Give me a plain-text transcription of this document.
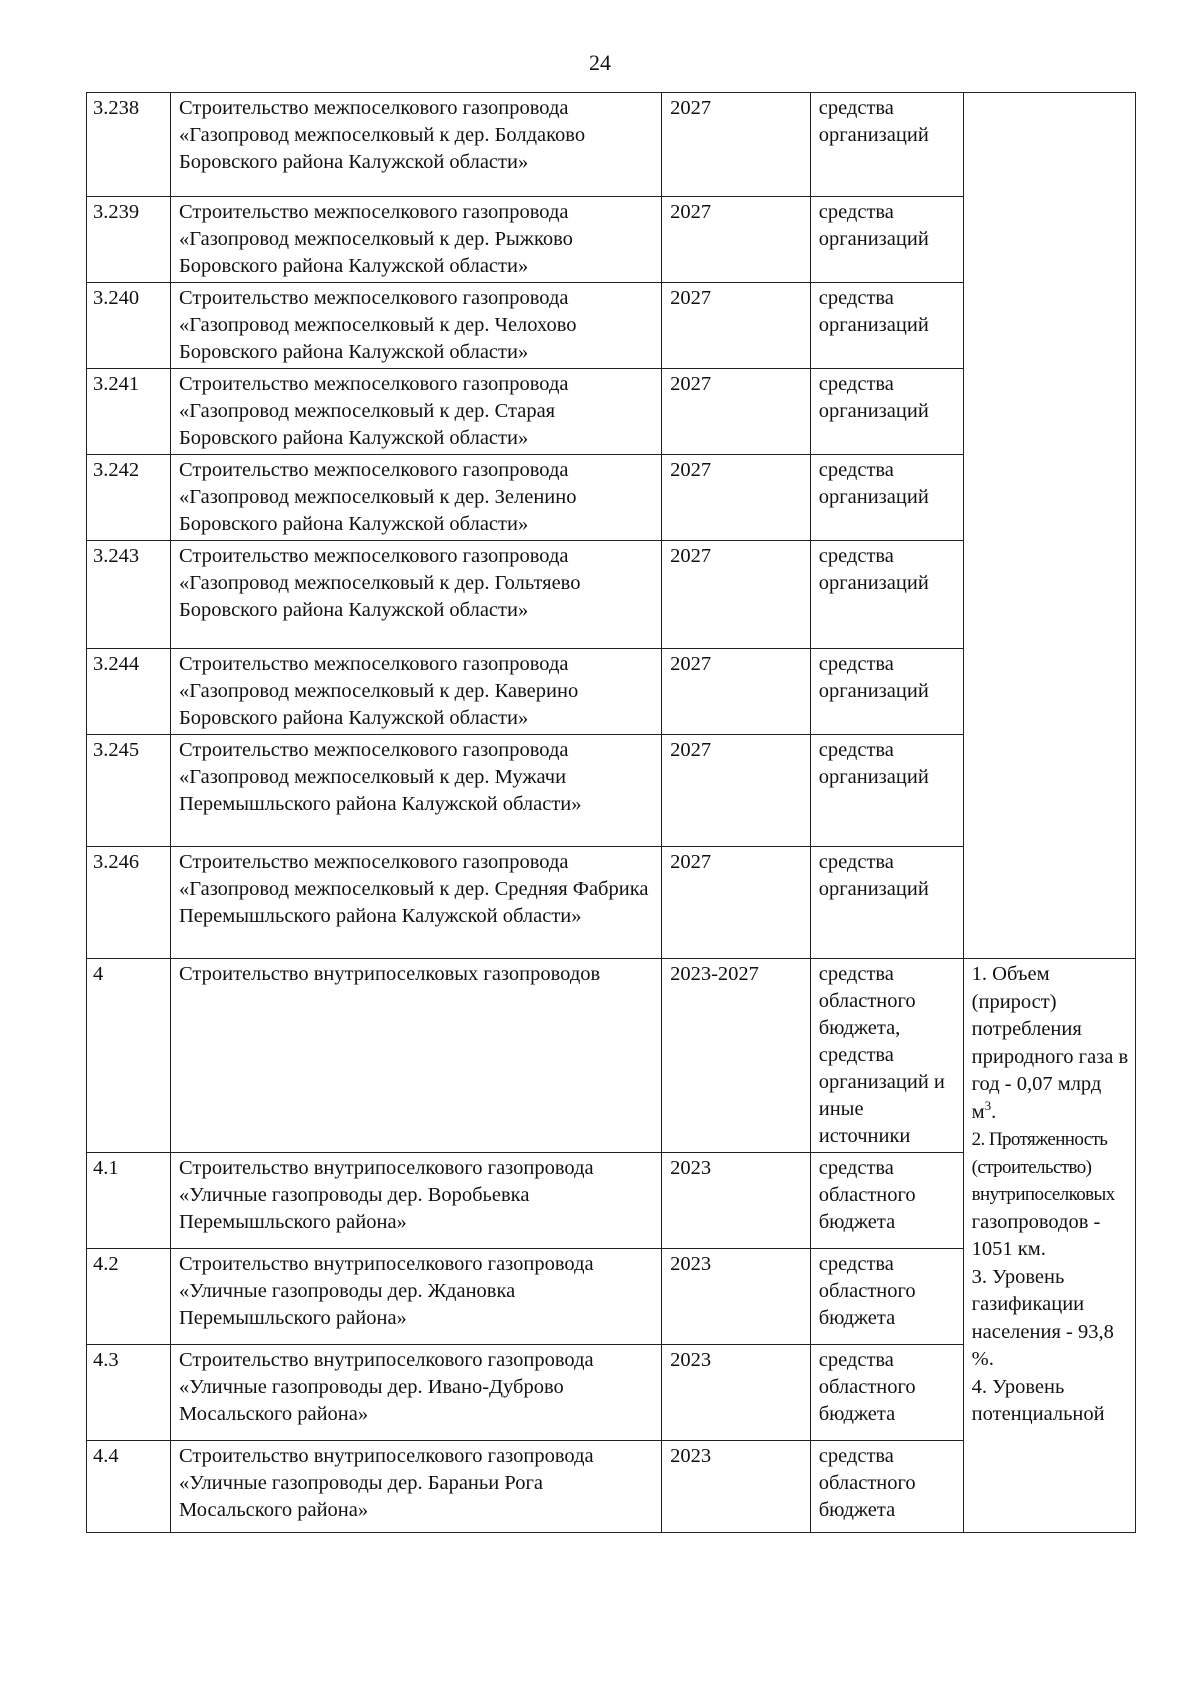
24
3.238	Строительство межпоселкового газопровода «Газопровод межпоселковый к дер. Болдаково Боровского района Калужской области»	2027	средства организаций	
3.239	Строительство межпоселкового газопровода «Газопровод межпоселковый к дер. Рыжково Боровского района Калужской области»	2027	средства организаций	
3.240	Строительство межпоселкового газопровода «Газопровод межпоселковый к дер. Челохово Боровского района Калужской области»	2027	средства организаций	
3.241	Строительство межпоселкового газопровода «Газопровод межпоселковый к дер. Старая Боровского района Калужской области»	2027	средства организаций	
3.242	Строительство межпоселкового газопровода «Газопровод межпоселковый к дер. Зеленино Боровского района Калужской области»	2027	средства организаций	
3.243	Строительство межпоселкового газопровода «Газопровод межпоселковый к дер. Гольтяево Боровского района Калужской области»	2027	средства организаций	
3.244	Строительство межпоселкового газопровода «Газопровод межпоселковый к дер. Каверино Боровского района Калужской области»	2027	средства организаций	
3.245	Строительство межпоселкового газопровода «Газопровод межпоселковый к дер. Мужачи Перемышльского района Калужской области»	2027	средства организаций	
3.246	Строительство межпоселкового газопровода «Газопровод межпоселковый к дер. Средняя Фабрика Перемышльского района Калужской области»	2027	средства организаций	
4	Строительство внутрипоселковых газопроводов	2023-2027	средства областного бюджета, средства организаций и иные источники	1. Объем (прирост) потребления природного газа в год - 0,07 млрд $м^3$.
2. Протяженность (строительство) внутрипоселковых газопроводов - 1051 км.
3. Уровень газификации населения - 93,8 %.
4. Уровень потенциальной
4.1	Строительство внутрипоселкового газопровода «Уличные газопроводы дер. Воробьевка Перемышльского района»	2023	средства областного бюджета	
4.2	Строительство внутрипоселкового газопровода «Уличные газопроводы дер. Ждановка Перемышльского района»	2023	средства областного бюджета	
4.3	Строительство внутрипоселкового газопровода «Уличные газопроводы дер. Ивано-Дуброво Мосальского района»	2023	средства областного бюджета	
4.4	Строительство внутрипоселкового газопровода «Уличные газопроводы дер. Бараньи Рога Мосальского района»	2023	средства областного бюджета	
